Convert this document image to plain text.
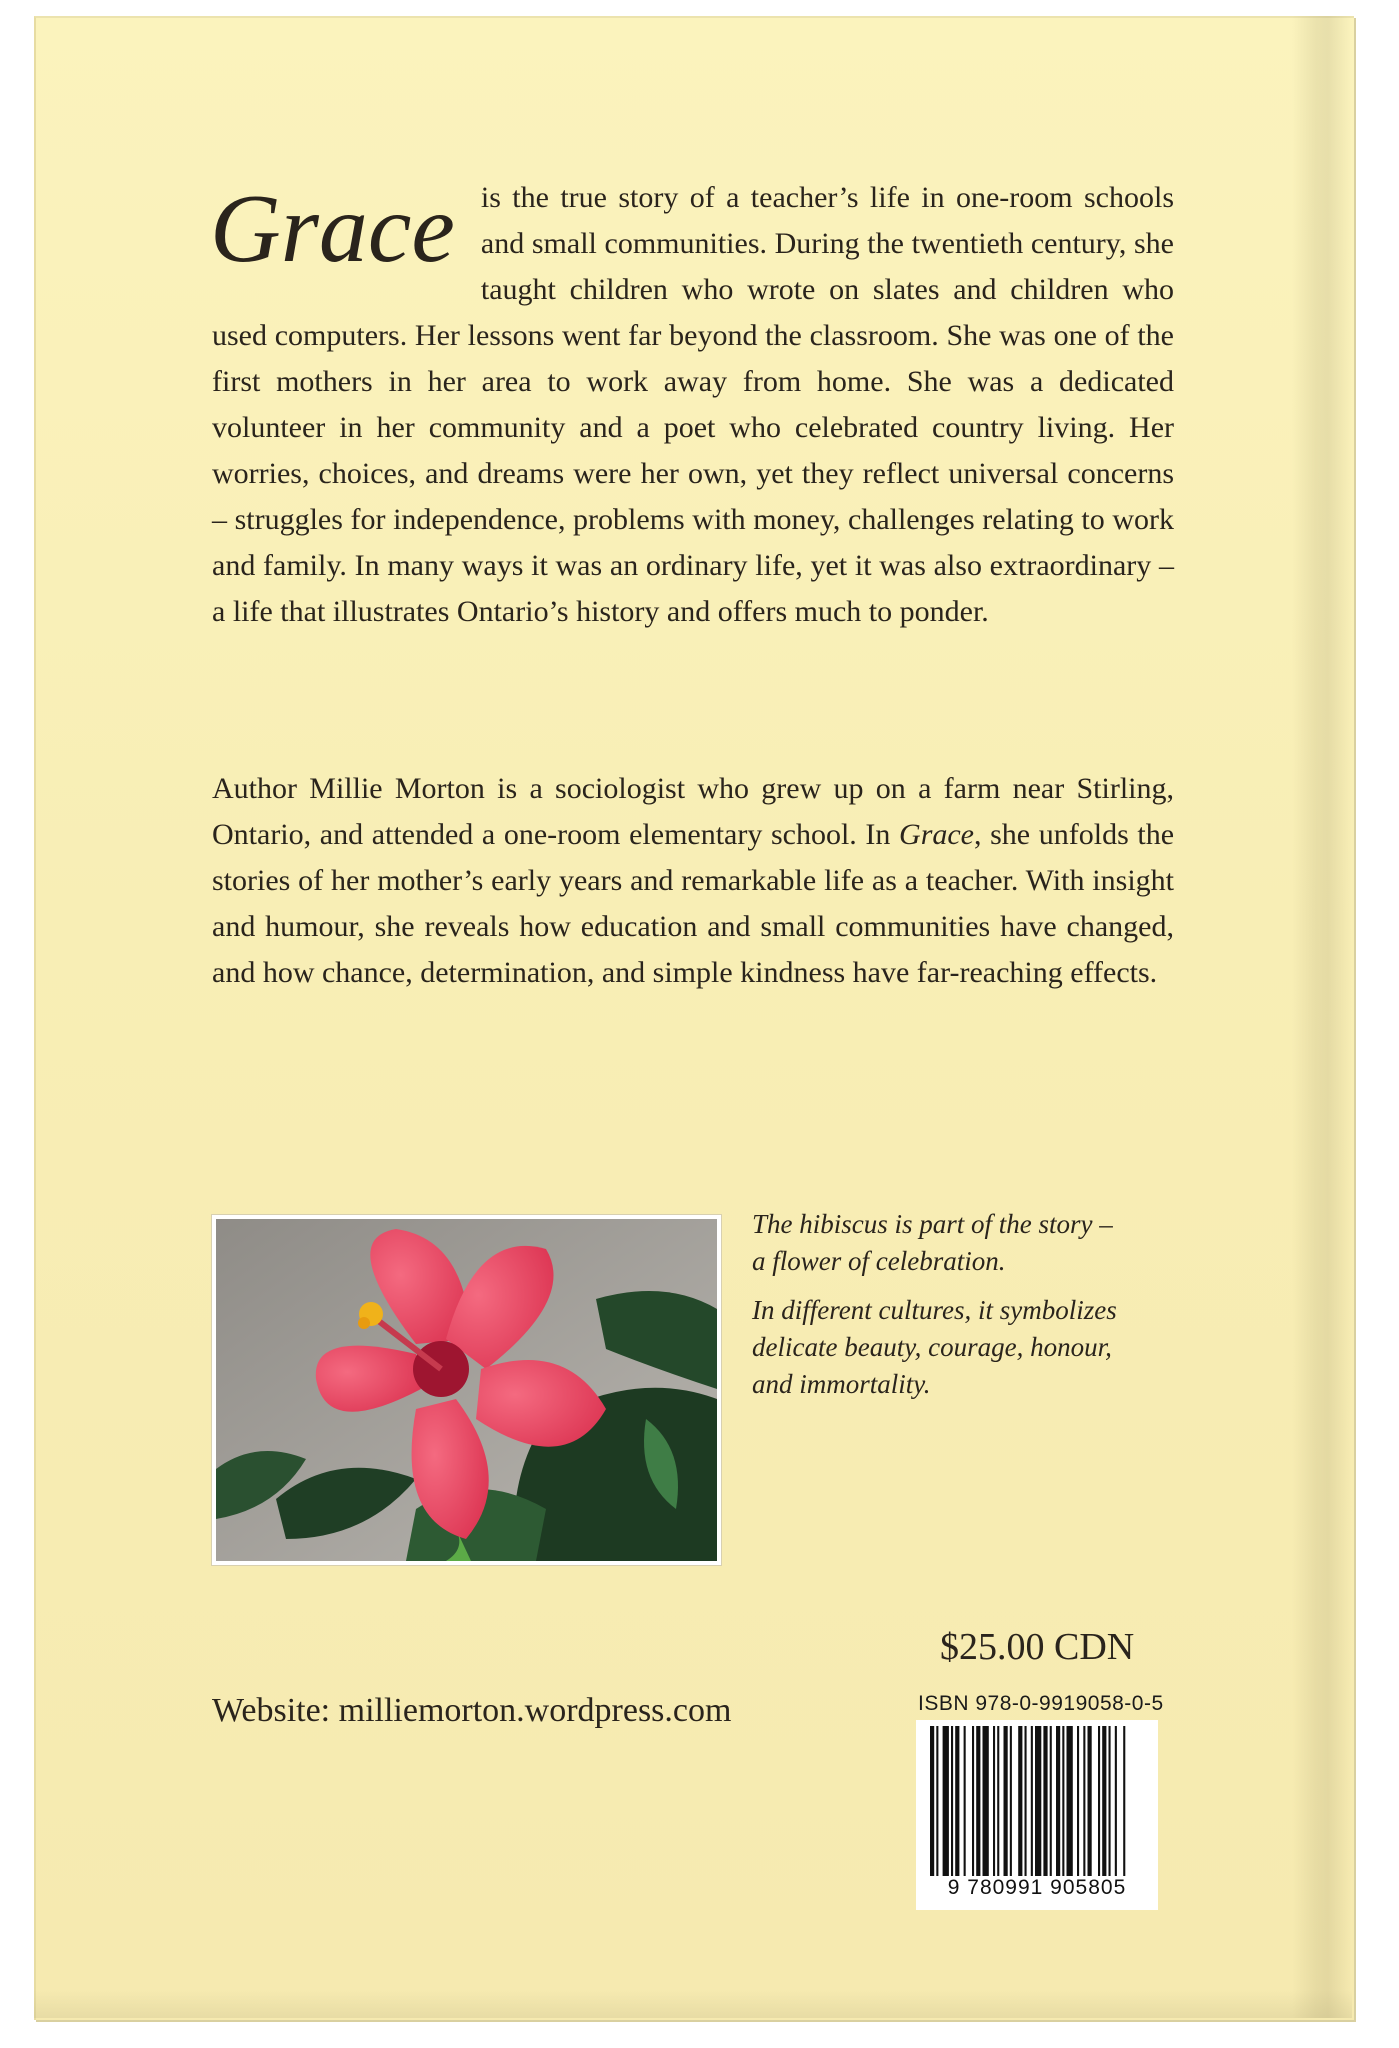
Grace is the true story of a teacher’s life in one-room schools and small communities. During the twentieth century, she taught children who wrote on slates and children who used computers. Her lessons went far beyond the classroom. She was one of the first mothers in her area to work away from home. She was a dedicated volunteer in her community and a poet who celebrated country living. Her worries, choices, and dreams were her own, yet they reflect universal concerns – struggles for independence, problems with money, challenges relating to work and family. In many ways it was an ordinary life, yet it was also extraordinary – a life that illustrates Ontario’s history and offers much to ponder.
Author Millie Morton is a sociologist who grew up on a farm near Stirling, Ontario, and attended a one-room elementary school. In Grace, she unfolds the stories of her mother’s early years and remarkable life as a teacher. With insight and humour, she reveals how education and small communities have changed, and how chance, determination, and simple kindness have far-reaching effects.

The hibiscus is part of the story – a flower of celebration.

In different cultures, it symbolizes delicate beauty, courage, honour, and immortality.

$25.00 CDN
Website: milliemorton.wordpress.com	ISBN 978-0-9919058-0-5
9 780991 905805
